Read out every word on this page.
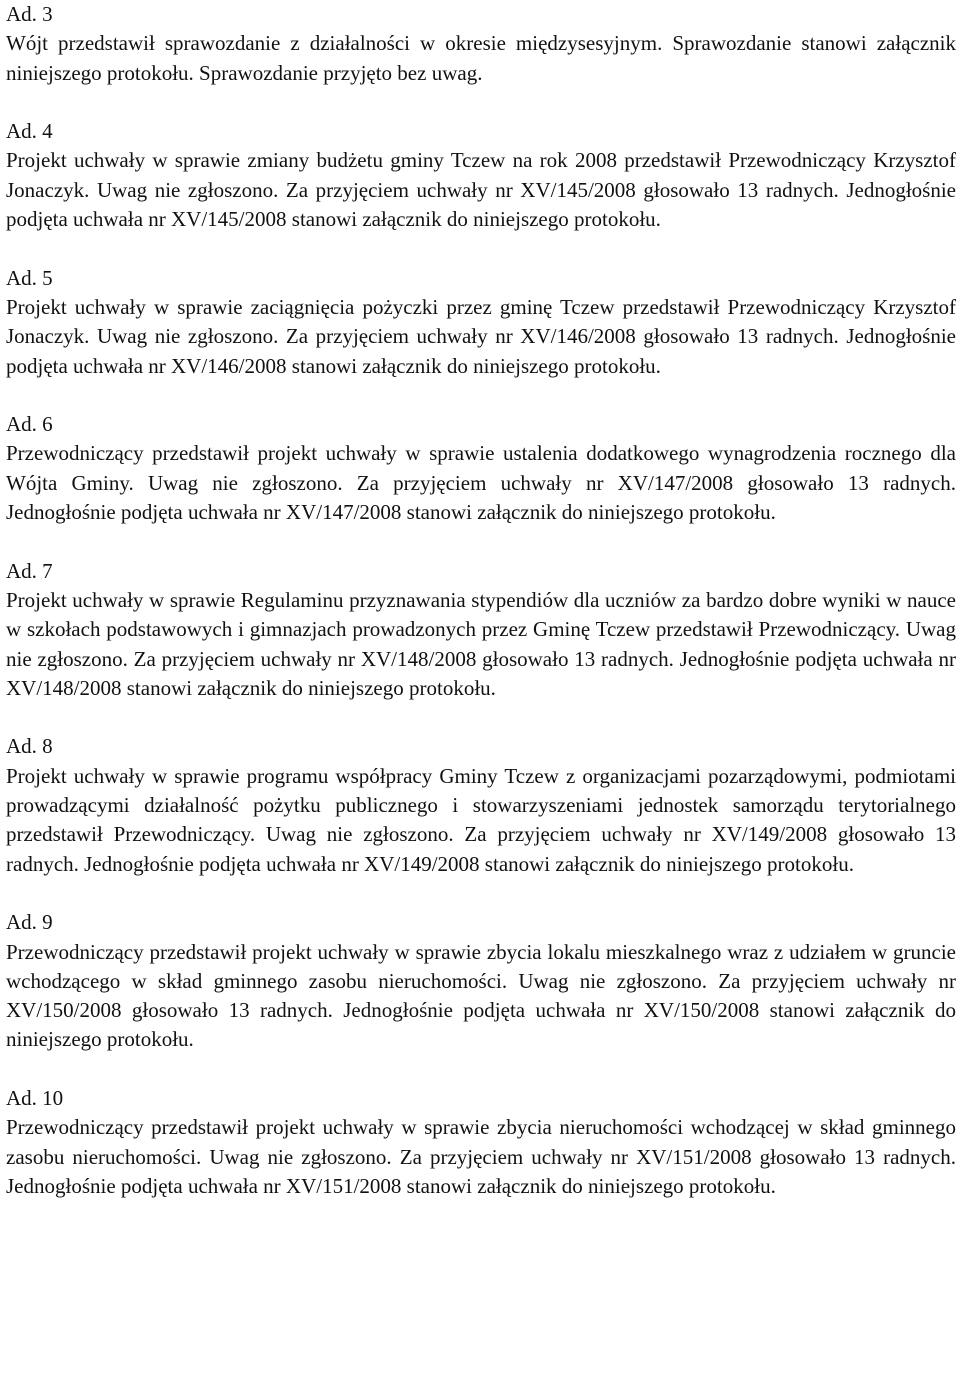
Ad. 3
Wójt przedstawił sprawozdanie z działalności w okresie międzysesyjnym. Sprawozdanie stanowi załącznik niniejszego protokołu. Sprawozdanie przyjęto bez uwag.
Ad. 4
Projekt uchwały w sprawie zmiany budżetu gminy Tczew na rok 2008 przedstawił Przewodniczący Krzysztof Jonaczyk. Uwag nie zgłoszono. Za przyjęciem uchwały nr XV/145/2008 głosowało 13 radnych. Jednogłośnie podjęta uchwała nr XV/145/2008 stanowi załącznik do niniejszego protokołu.
Ad. 5
Projekt uchwały w sprawie zaciągnięcia pożyczki przez gminę Tczew przedstawił Przewodniczący Krzysztof Jonaczyk. Uwag nie zgłoszono. Za przyjęciem uchwały nr XV/146/2008 głosowało 13 radnych. Jednogłośnie podjęta uchwała nr XV/146/2008 stanowi załącznik do niniejszego protokołu.
Ad. 6
Przewodniczący przedstawił projekt uchwały w sprawie ustalenia dodatkowego wynagrodzenia rocznego dla Wójta Gminy. Uwag nie zgłoszono. Za przyjęciem uchwały nr XV/147/2008 głosowało 13 radnych. Jednogłośnie podjęta uchwała nr XV/147/2008 stanowi załącznik do niniejszego protokołu.
Ad. 7
Projekt uchwały w sprawie Regulaminu przyznawania stypendiów dla uczniów za bardzo dobre wyniki w nauce w szkołach podstawowych i gimnazjach prowadzonych przez Gminę Tczew przedstawił Przewodniczący. Uwag nie zgłoszono. Za przyjęciem uchwały nr XV/148/2008 głosowało 13 radnych. Jednogłośnie podjęta uchwała nr XV/148/2008 stanowi załącznik do niniejszego protokołu.
Ad. 8
Projekt uchwały w sprawie programu współpracy Gminy Tczew z organizacjami pozarządowymi, podmiotami prowadzącymi działalność pożytku publicznego i stowarzyszeniami jednostek samorządu terytorialnego przedstawił Przewodniczący. Uwag nie zgłoszono. Za przyjęciem uchwały nr XV/149/2008 głosowało 13 radnych. Jednogłośnie podjęta uchwała nr XV/149/2008 stanowi załącznik do niniejszego protokołu.
Ad. 9
Przewodniczący przedstawił projekt uchwały w sprawie zbycia lokalu mieszkalnego wraz z udziałem w gruncie wchodzącego w skład gminnego zasobu nieruchomości. Uwag nie zgłoszono. Za przyjęciem uchwały nr XV/150/2008 głosowało 13 radnych. Jednogłośnie podjęta uchwała nr XV/150/2008 stanowi załącznik do niniejszego protokołu.
Ad. 10
Przewodniczący przedstawił projekt uchwały w sprawie zbycia nieruchomości wchodzącej w skład gminnego zasobu nieruchomości. Uwag nie zgłoszono. Za przyjęciem uchwały nr XV/151/2008 głosowało 13 radnych. Jednogłośnie podjęta uchwała nr XV/151/2008 stanowi załącznik do niniejszego protokołu.
